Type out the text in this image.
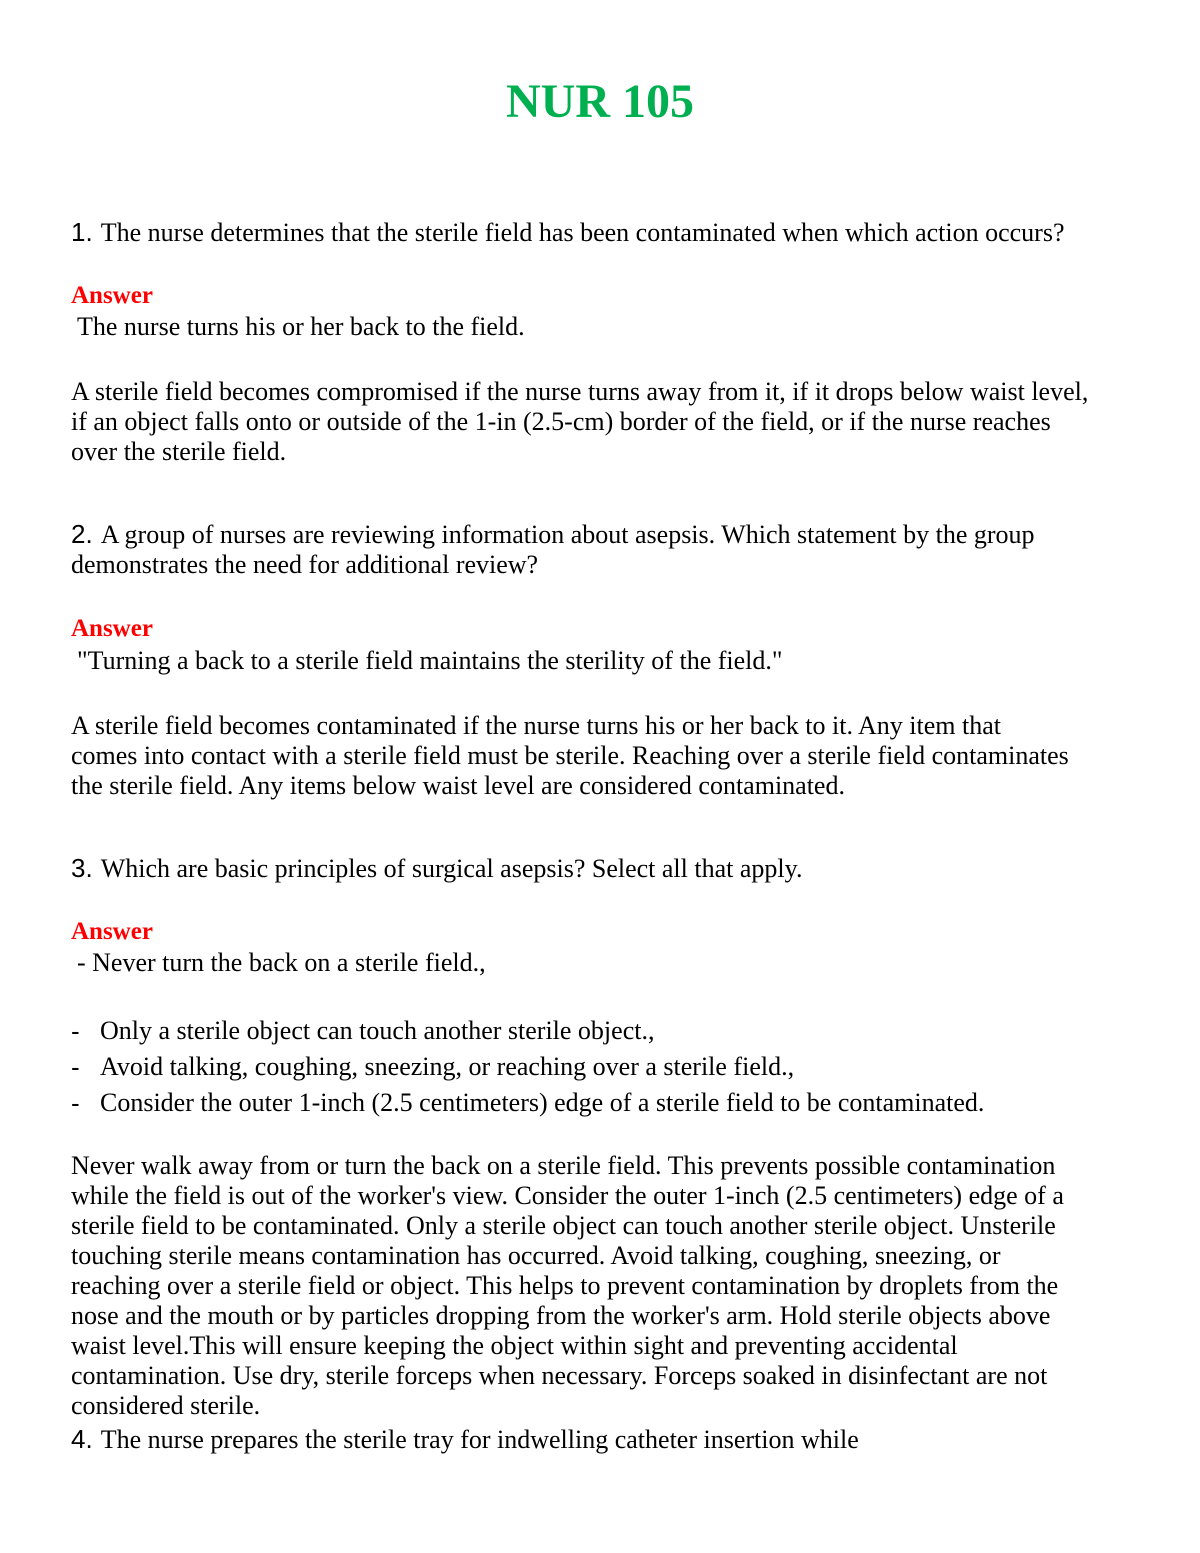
NUR 105

1. The nurse determines that the sterile field has been contaminated when which action occurs?

Answer

The nurse turns his or her back to the field.

A sterile field becomes compromised if the nurse turns away from it, if it drops below waist level,
if an object falls onto or outside of the 1-in (2.5-cm) border of the field, or if the nurse reaches
over the sterile field.
2. A group of nurses are reviewing information about asepsis. Which statement by the group
demonstrates the need for additional review?

Answer

"Turning a back to a sterile field maintains the sterility of the field."

A sterile field becomes contaminated if the nurse turns his or her back to it. Any item that
comes into contact with a sterile field must be sterile. Reaching over a sterile field contaminates
the sterile field. Any items below waist level are considered contaminated.

3. Which are basic principles of surgical asepsis? Select all that apply.

Answer

- Never turn the back on a sterile field.,

- Only a sterile object can touch another sterile object.,
- Avoid talking, coughing, sneezing, or reaching over a sterile field.,
- Consider the outer 1-inch (2.5 centimeters) edge of a sterile field to be contaminated.
Never walk away from or turn the back on a sterile field. This prevents possible contamination
while the field is out of the worker's view. Consider the outer 1-inch (2.5 centimeters) edge of a
sterile field to be contaminated. Only a sterile object can touch another sterile object. Unsterile
touching sterile means contamination has occurred. Avoid talking, coughing, sneezing, or
reaching over a sterile field or object. This helps to prevent contamination by droplets from the
nose and the mouth or by particles dropping from the worker's arm. Hold sterile objects above
waist level.This will ensure keeping the object within sight and preventing accidental
contamination. Use dry, sterile forceps when necessary. Forceps soaked in disinfectant are not
considered sterile.

4. The nurse prepares the sterile tray for indwelling catheter insertion while
